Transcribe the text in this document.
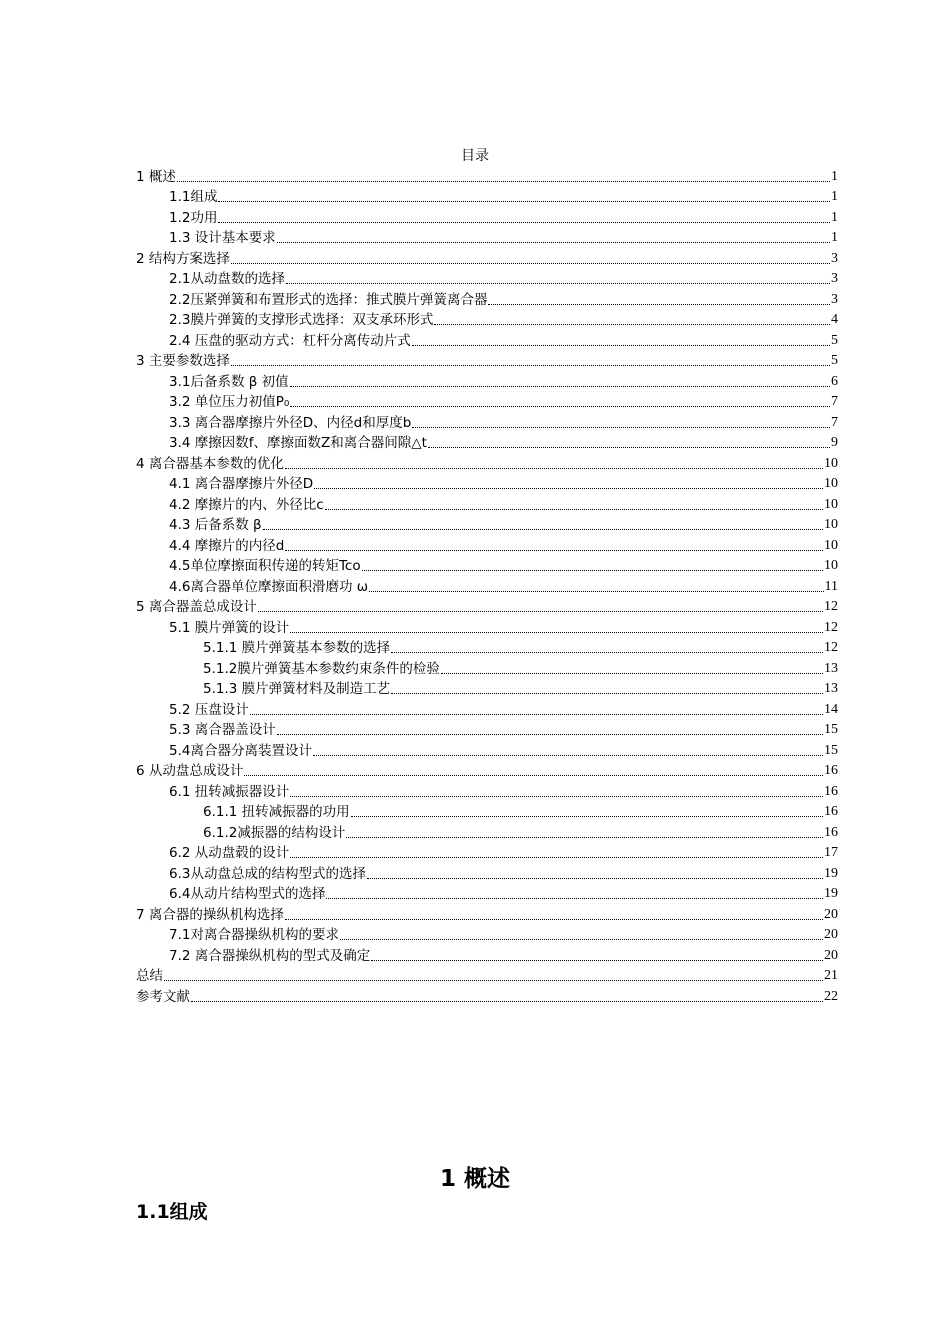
目录
1 概述	1
1.1组成	1
1.2功用	1
1.3 设计基本要求	1
2 结构方案选择	3
2.1从动盘数的选择	3
2.2压紧弹簧和布置形式的选择：推式膜片弹簧离合器	3
2.3膜片弹簧的支撑形式选择：双支承环形式	4
2.4 压盘的驱动方式：杠杆分离传动片式	5
3 主要参数选择	5
3.1后备系数 β 初值	6
3.2 单位压力初值P₀	7
3.3 离合器摩擦片外径D、内径d和厚度b	7
3.4 摩擦因数f、摩擦面数Z和离合器间隙△t	9
4 离合器基本参数的优化	10
4.1 离合器摩擦片外径D	10
4.2 摩擦片的内、外径比c	10
4.3 后备系数 β	10
4.4 摩擦片的内径d	10
4.5单位摩擦面积传递的转矩Tco	10
4.6离合器单位摩擦面积滑磨功 ω	11
5 离合器盖总成设计	12
5.1 膜片弹簧的设计	12
5.1.1 膜片弹簧基本参数的选择	12
5.1.2膜片弹簧基本参数约束条件的检验	13
5.1.3 膜片弹簧材料及制造工艺	13
5.2 压盘设计	14
5.3 离合器盖设计	15
5.4离合器分离装置设计	15
6 从动盘总成设计	16
6.1 扭转减振器设计	16
6.1.1 扭转减振器的功用	16
6.1.2减振器的结构设计	16
6.2 从动盘毂的设计	17
6.3从动盘总成的结构型式的选择	19
6.4从动片结构型式的选择	19
7 离合器的操纵机构选择	20
7.1对离合器操纵机构的要求	20
7.2 离合器操纵机构的型式及确定	20
总结	21
参考文献	22
1 概述
1.1组成
